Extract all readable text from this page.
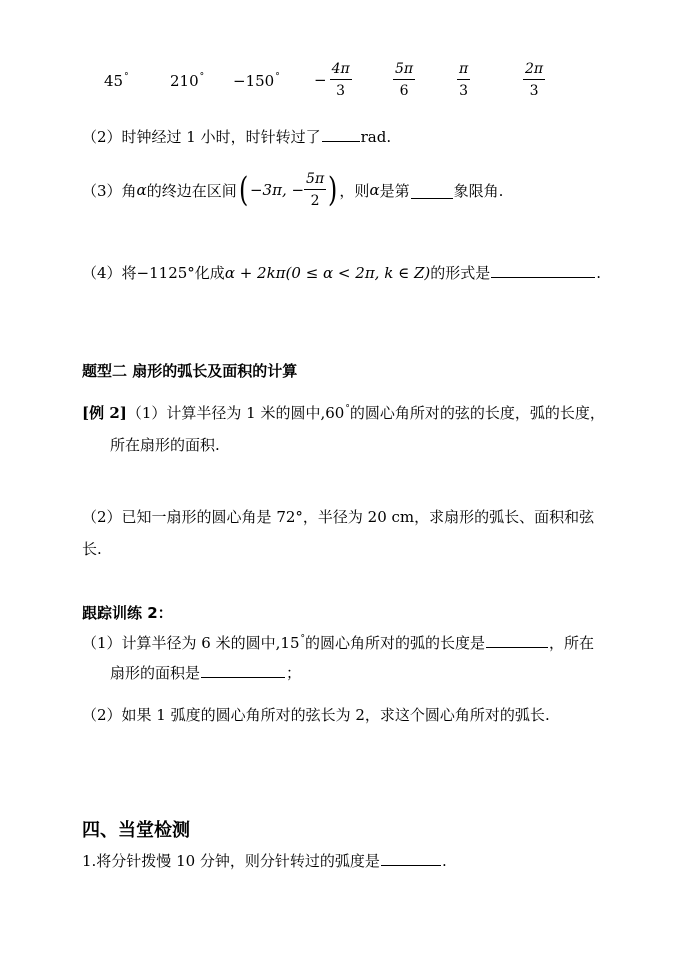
45°	$210^\circ -150^\circ - \frac{4\pi}{3}$	$\frac{5\pi}{6}$	$\frac{\pi}{3}$	$\frac{2\pi}{3}$
（2）时钟经过 1 小时，时针转过了	rad.
（3）角 α 的终边在区间 ( −3π, − $\frac{5\pi}{2}$ ) ，则 α 是第	象限角.
（4）将−1125°化成α + 2kπ(0 ≤ α < 2π, k ∈ Z)的形式是	.
题型二 扇形的弧长及面积的计算
[例 2]（1）计算半径为 1 米的圆中,60°的圆心角所对的弦的长度，弧的长度，
所在扇形的面积.
（2）已知一扇形的圆心角是 72°，半径为 20 cm，求扇形的弧长、面积和弦
长.
跟踪训练 2：
（1）计算半径为 6 米的圆中,15°的圆心角所对的弧的长度是	，所在
扇形的面积是	；
（2）如果 1 弧度的圆心角所对的弦长为 2，求这个圆心角所对的弧长.
四、当堂检测
1.将分针拨慢 10 分钟，则分针转过的弧度是	.
